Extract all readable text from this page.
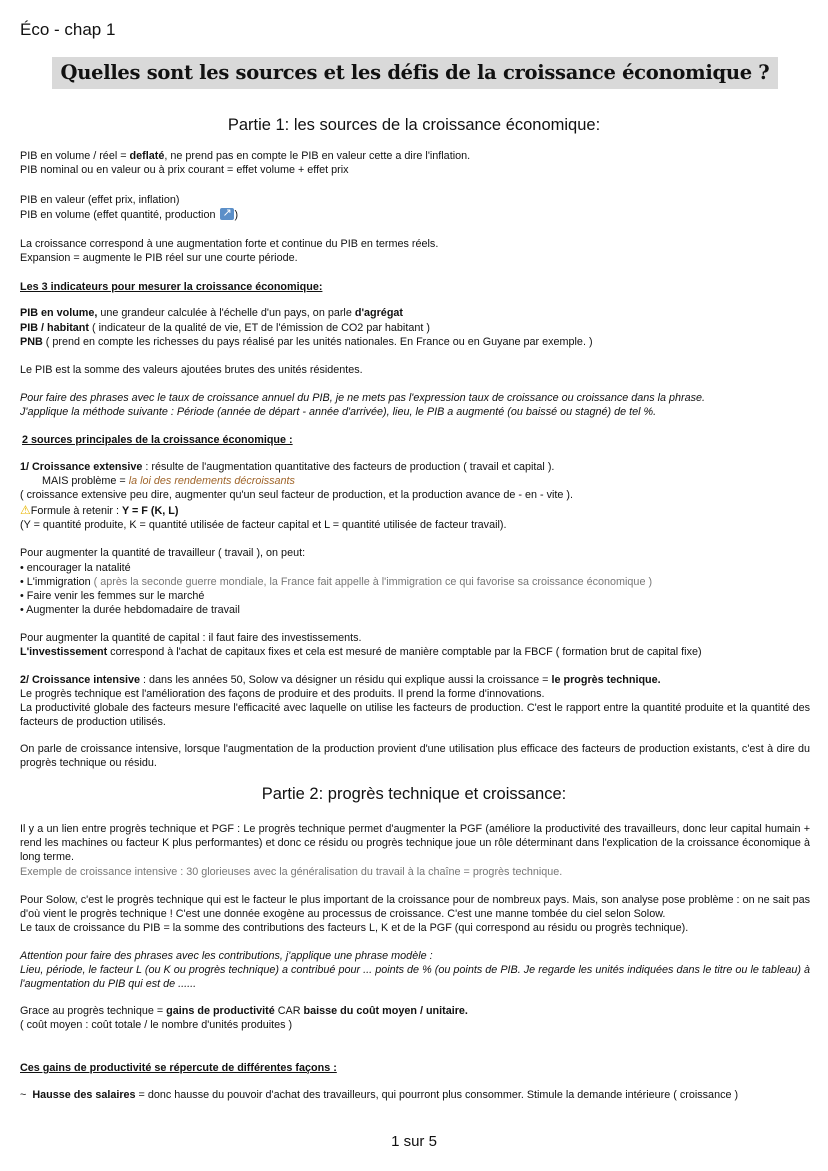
Éco - chap 1
Quelles sont les sources et les défis de la croissance économique ?
Partie 1: les sources de la croissance économique:
PIB en volume / réel = deflaté, ne prend pas en compte le PIB en valeur cette a dire l'inflation.
PIB nominal ou en valeur ou à prix courant = effet volume + effet prix
PIB en valeur (effet prix, inflation)
PIB en volume (effet quantité, production ↗)
La croissance correspond à une augmentation forte et continue du PIB en termes réels.
Expansion = augmente le PIB réel sur une courte période.
Les 3 indicateurs pour mesurer la croissance économique:
PIB en volume, une grandeur calculée à l'échelle d'un pays, on parle d'agrégat
PIB / habitant ( indicateur de la qualité de vie, ET de l'émission de CO2 par habitant )
PNB ( prend en compte les richesses du pays réalisé par les unités nationales. En France ou en Guyane par exemple. )
Le PIB est la somme des valeurs ajoutées brutes des unités résidentes.
Pour faire des phrases avec le taux de croissance annuel du PIB, je ne mets pas l'expression taux de croissance ou croissance dans la phrase.
J'applique la méthode suivante : Période (année de départ - année d'arrivée), lieu, le PIB a augmenté (ou baissé ou stagné) de tel %.
2 sources principales de la croissance économique :
1/ Croissance extensive : résulte de l'augmentation quantitative des facteurs de production ( travail et capital ).
MAIS problème = la loi des rendements décroissants
( croissance extensive peu dire, augmenter qu'un seul facteur de production, et la production avance de - en - vite ).
⚠Formule à retenir : Y = F (K, L)
(Y = quantité produite, K = quantité utilisée de facteur capital et L = quantité utilisée de facteur travail).
Pour augmenter la quantité de travailleur ( travail ), on peut:
• encourager la natalité
• L'immigration ( après la seconde guerre mondiale, la France fait appelle à l'immigration ce qui favorise sa croissance économique )
• Faire venir les femmes sur le marché
• Augmenter la durée hebdomadaire de travail
Pour augmenter la quantité de capital : il faut faire des investissements.
L'investissement correspond à l'achat de capitaux fixes et cela est mesuré de manière comptable par la FBCF ( formation brut de capital fixe)
2/ Croissance intensive : dans les années 50, Solow va désigner un résidu qui explique aussi la croissance = le progrès technique.
Le progrès technique est l'amélioration des façons de produire et des produits. Il prend la forme d'innovations.
La productivité globale des facteurs mesure l'efficacité avec laquelle on utilise les facteurs de production. C'est le rapport entre la quantité produite et la quantité des facteurs de production utilisés.
On parle de croissance intensive, lorsque l'augmentation de la production provient d'une utilisation plus efficace des facteurs de production existants, c'est à dire du progrès technique ou résidu.
Partie 2: progrès technique et croissance:
Il y a un lien entre progrès technique et PGF : Le progrès technique permet d'augmenter la PGF (améliore la productivité des travailleurs, donc leur capital humain + rend les machines ou facteur K plus performantes) et donc ce résidu ou progrès technique joue un rôle déterminant dans l'explication de la croissance économique à long terme.
Exemple de croissance intensive : 30 glorieuses avec la généralisation du travail à la chaîne = progrès technique.
Pour Solow, c'est le progrès technique qui est le facteur le plus important de la croissance pour de nombreux pays. Mais, son analyse pose problème : on ne sait pas d'où vient le progrès technique ! C'est une donnée exogène au processus de croissance. C'est une manne tombée du ciel selon Solow.
Le taux de croissance du PIB = la somme des contributions des facteurs L, K et de la PGF (qui correspond au résidu ou progrès technique).
Attention pour faire des phrases avec les contributions, j'applique une phrase modèle :
Lieu, période, le facteur L (ou K ou progrès technique) a contribué pour ... points de % (ou points de PIB. Je regarde les unités indiquées dans le titre ou le tableau) à l'augmentation du PIB qui est de ......
Grace au progrès technique = gains de productivité CAR baisse du coût moyen / unitaire.
( coût moyen : coût totale / le nombre d'unités produites )
Ces gains de productivité se répercute de différentes façons :
~ Hausse des salaires = donc hausse du pouvoir d'achat des travailleurs, qui pourront plus consommer. Stimule la demande intérieure ( croissance )
1 sur 5
